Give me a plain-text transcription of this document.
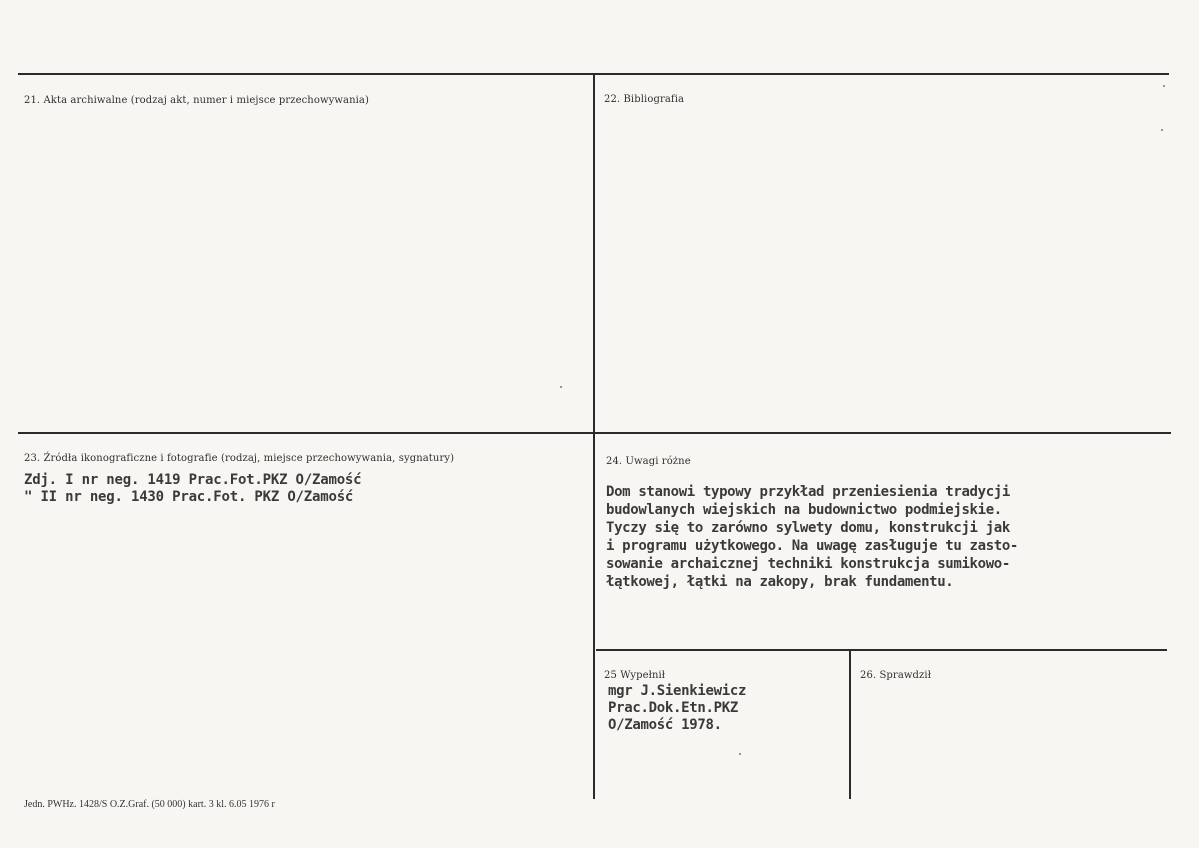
21. Akta archiwalne (rodzaj akt, numer i miejsce przechowywania)	22. Bibliografia
23. Źródła ikonograficzne i fotografie (rodzaj, miejsce przechowywania, sygnatury)
Zdj. I nr neg. 1419 Prac.Fot.PKZ O/Zamość
" II nr neg. 1430 Prac.Fot. PKZ O/Zamość
24. Uwagi różne
Dom stanowi typowy przykład przeniesienia tradycji
budowlanych wiejskich na budownictwo podmiejskie.
Tyczy się to zarówno sylwety domu, konstrukcji jak
i programu użytkowego. Na uwagę zasługuje tu zasto-
sowanie archaicznej techniki konstrukcja sumikowo-
łątkowej, łątki na zakopy, brak fundamentu.
25 Wypełnił
mgr J.Sienkiewicz
Prac.Dok.Etn.PKZ
O/Zamość 1978.
26. Sprawdził
Jedn. PWHz. 1428/S O.Z.Graf. (50 000) kart. 3 kl. 6.05 1976 r
